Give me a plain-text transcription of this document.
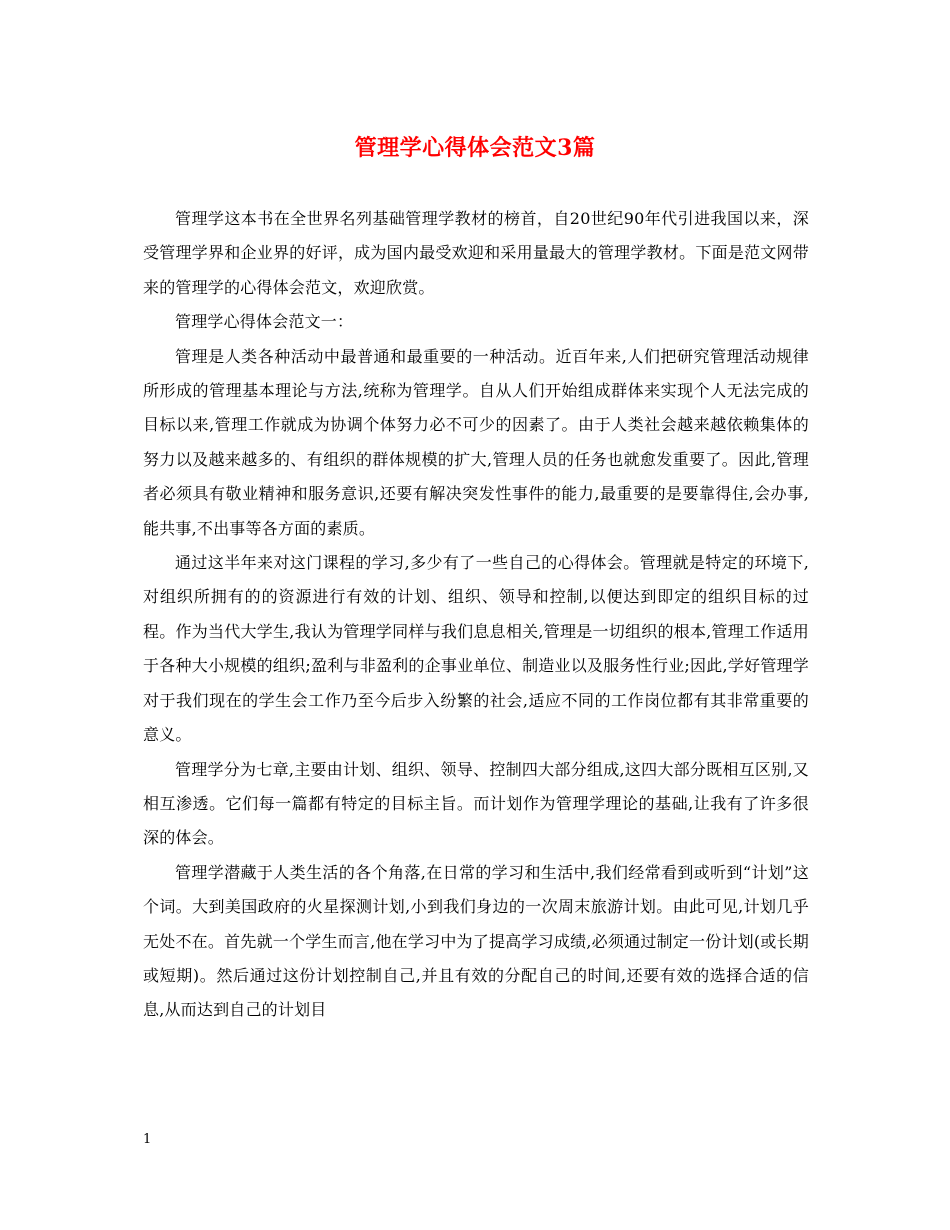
管理学心得体会范文3篇

管理学这本书在全世界名列基础管理学教材的榜首，自20世纪90年代引进我国以来，深受管理学界和企业界的好评，成为国内最受欢迎和采用量最大的管理学教材。下面是范文网带来的管理学的心得体会范文，欢迎欣赏。

管理学心得体会范文一：

管理是人类各种活动中最普通和最重要的一种活动。近百年来,人们把研究管理活动规律所形成的管理基本理论与方法,统称为管理学。自从人们开始组成群体来实现个人无法完成的目标以来,管理工作就成为协调个体努力必不可少的因素了。由于人类社会越来越依赖集体的努力以及越来越多的、有组织的群体规模的扩大,管理人员的任务也就愈发重要了。因此,管理者必须具有敬业精神和服务意识,还要有解决突发性事件的能力,最重要的是要靠得住,会办事,能共事,不出事等各方面的素质。

通过这半年来对这门课程的学习,多少有了一些自己的心得体会。管理就是特定的环境下,对组织所拥有的的资源进行有效的计划、组织、领导和控制,以便达到即定的组织目标的过程。作为当代大学生,我认为管理学同样与我们息息相关,管理是一切组织的根本,管理工作适用于各种大小规模的组织;盈利与非盈利的企事业单位、制造业以及服务性行业;因此,学好管理学对于我们现在的学生会工作乃至今后步入纷繁的社会,适应不同的工作岗位都有其非常重要的意义。

管理学分为七章,主要由计划、组织、领导、控制四大部分组成,这四大部分既相互区别,又相互渗透。它们每一篇都有特定的目标主旨。而计划作为管理学理论的基础,让我有了许多很深的体会。

管理学潜藏于人类生活的各个角落,在日常的学习和生活中,我们经常看到或听到“计划”这个词。大到美国政府的火星探测计划,小到我们身边的一次周末旅游计划。由此可见,计划几乎无处不在。首先就一个学生而言,他在学习中为了提高学习成绩,必须通过制定一份计划(或长期或短期)。然后通过这份计划控制自己,并且有效的分配自己的时间,还要有效的选择合适的信息,从而达到自己的计划目

1
